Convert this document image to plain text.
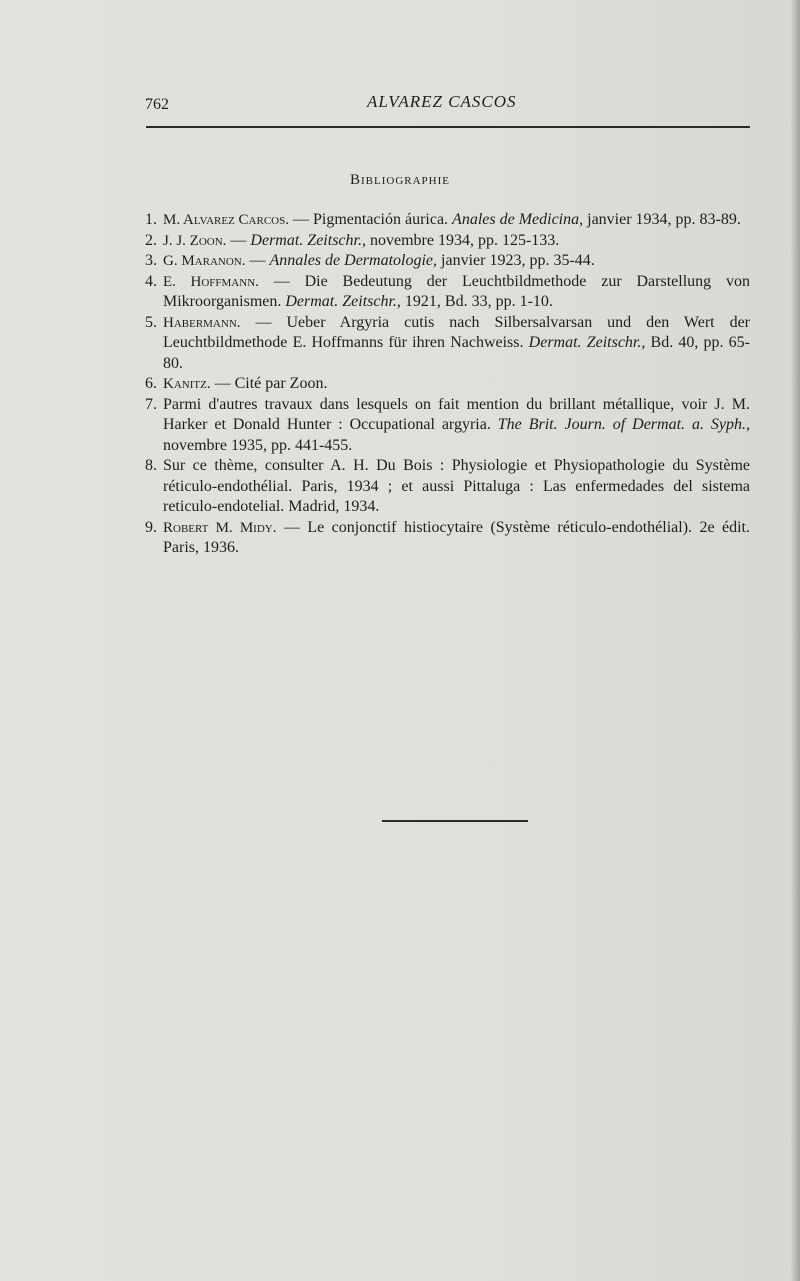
762	ALVAREZ CASCOS
Bibliographie

1. M. Alvarez Carcos. — Pigmentación áurica. Anales de Medicina, janvier 1934, pp. 83-89.

2. J. J. Zoon. — Dermat. Zeitschr., novembre 1934, pp. 125-133.

3. G. Maranon. — Annales de Dermatologie, janvier 1923, pp. 35-44.

4. E. Hoffmann. — Die Bedeutung der Leuchtbildmethode zur Darstellung von Mikroorganismen. Dermat. Zeitschr., 1921, Bd. 33, pp. 1-10.

5. Habermann. — Ueber Argyria cutis nach Silbersalvarsan und den Wert der Leuchtbildmethode E. Hoffmanns für ihren Nachweiss. Dermat. Zeitschr., Bd. 40, pp. 65-80.

6. Kanitz. — Cité par Zoon.

7. Parmi d'autres travaux dans lesquels on fait mention du brillant métallique, voir J. M. Harker et Donald Hunter : Occupational argyria. The Brit. Journ. of Dermat. a. Syph., novembre 1935, pp. 441-455.

8. Sur ce thème, consulter A. H. Du Bois : Physiologie et Physiopathologie du Système réticulo-endothélial. Paris, 1934 ; et aussi Pittaluga : Las enfermedades del sistema reticulo-endotelial. Madrid, 1934.

9. Robert M. Midy. — Le conjonctif histiocytaire (Système réticulo-endothélial). 2e édit. Paris, 1936.
